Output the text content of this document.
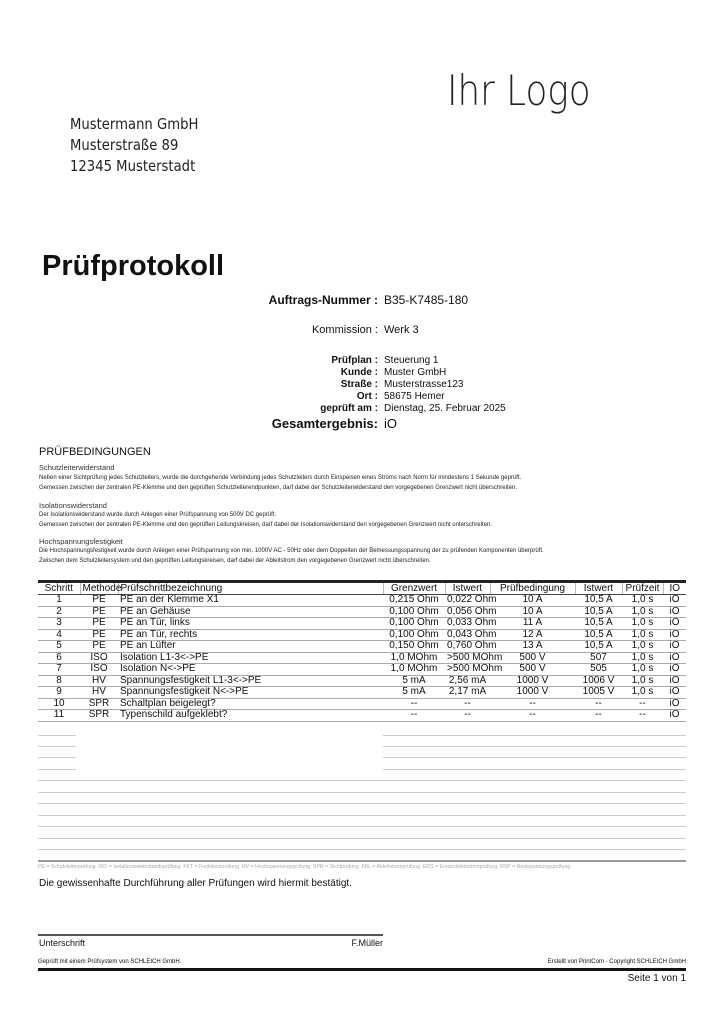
Ihr Logo
Mustermann GmbH
Musterstraße 89
12345 Musterstadt
Prüfprotokoll
Auftrags-Nummer : B35-K7485-180
Kommission : Werk 3
Prüfplan : Steuerung 1
Kunde : Muster GmbH
Straße : Musterstrasse123
Ort : 58675 Hemer
geprüft am : Dienstag, 25. Februar 2025
Gesamtergebnis: iO
PRÜFBEDINGUNGEN
Schutzleiterwiderstand
Neben einer Sichtprüfung jedes Schutzleiters, wurde die durchgehende Verbindung jedes Schutzleiters durch Einspeisen eines Stroms nach Norm für mindestens 1 Sekunde geprüft.
Gemessen zwischen der zentralen PE-Klemme und den geprüften Schutzleiterendpunkten, darf dabei der Schutzleiterwiderstand den vorgegebenen Grenzwert nicht überschreiten.
Isolationswiderstand
Der Isolationswiderstand wurde durch Anlegen einer Prüfspannung von 500V DC geprüft.
Gemessen zwischen der zentralen PE-Klemme und den geprüften Leitungskreisen, darf dabei der Isolationswiderstand den vorgegebenen Grenzwert nicht unterschreiten.
Hochspannungsfestigkeit
Die Hochspannungsfestigkeit wurde durch Anlegen einer Prüfspannung von min. 1000V AC - 50Hz oder dem Doppelten der Bemessungsspannung der zu prüfenden Komponenten überprüft.
Zwischen dem Schutzleitersystem und den geprüften Leitungskreisen, darf dabei der Ableitstrom den vorgegebenen Grenzwert nicht überschreiten.
Schritt	Methode	Prüfschrittbezeichnung	Grenzwert	Istwert	Prüfbedingung	Istwert	Prüfzeit	IO
1	PE	PE an der Klemme X1	0,215 Ohm	0,022 Ohm	10 A	10,5 A	1,0 s	iO
2	PE	PE an Gehäuse	0,100 Ohm	0,056 Ohm	10 A	10,5 A	1,0 s	iO
3	PE	PE an Tür, links	0,100 Ohm	0,033 Ohm	11 A	10,5 A	1,0 s	iO
4	PE	PE an Tür, rechts	0,100 Ohm	0,043 Ohm	12 A	10,5 A	1,0 s	iO
5	PE	PE an Lüfter	0,150 Ohm	0,760 Ohm	13 A	10,5 A	1,0 s	iO
6	ISO	Isolation L1-3<->PE	1,0 MOhm	>500 MOhm	500 V	507	1,0 s	iO
7	ISO	Isolation N<->PE	1,0 MOhm	>500 MOhm	500 V	505	1,0 s	iO
8	HV	Spannungsfestigkeit L1-3<->PE	5 mA	2,56 mA	1000 V	1006 V	1,0 s	iO
9	HV	Spannungsfestigkeit N<->PE	5 mA	2,17 mA	1000 V	1005 V	1,0 s	iO
10	SPR	Schaltplan beigelegt?	--	--	--	--	--	iO
11	SPR	Typenschild aufgeklebt?	--	--	--	--	--	iO
PE = Schutzleiterprüfung  ISO = Isolationswiderstandsprüfung  FKT = Funktionsprüfung  HV = Hochspannungsprüfung  SPR = Sichtprüfung  ABL = Ableitstromprüfung  ERS = Ersatzableitstromprüfung  RSP = Restspannungsprüfung
Die gewissenhafte Durchführung aller Prüfungen wird hiermit bestätigt.
Unterschrift	F.Müller
Geprüft mit einem Prüfsystem von SCHLEICH GmbH.	Erstellt von PrintCom - Copyright SCHLEICH GmbH
Seite 1 von 1
